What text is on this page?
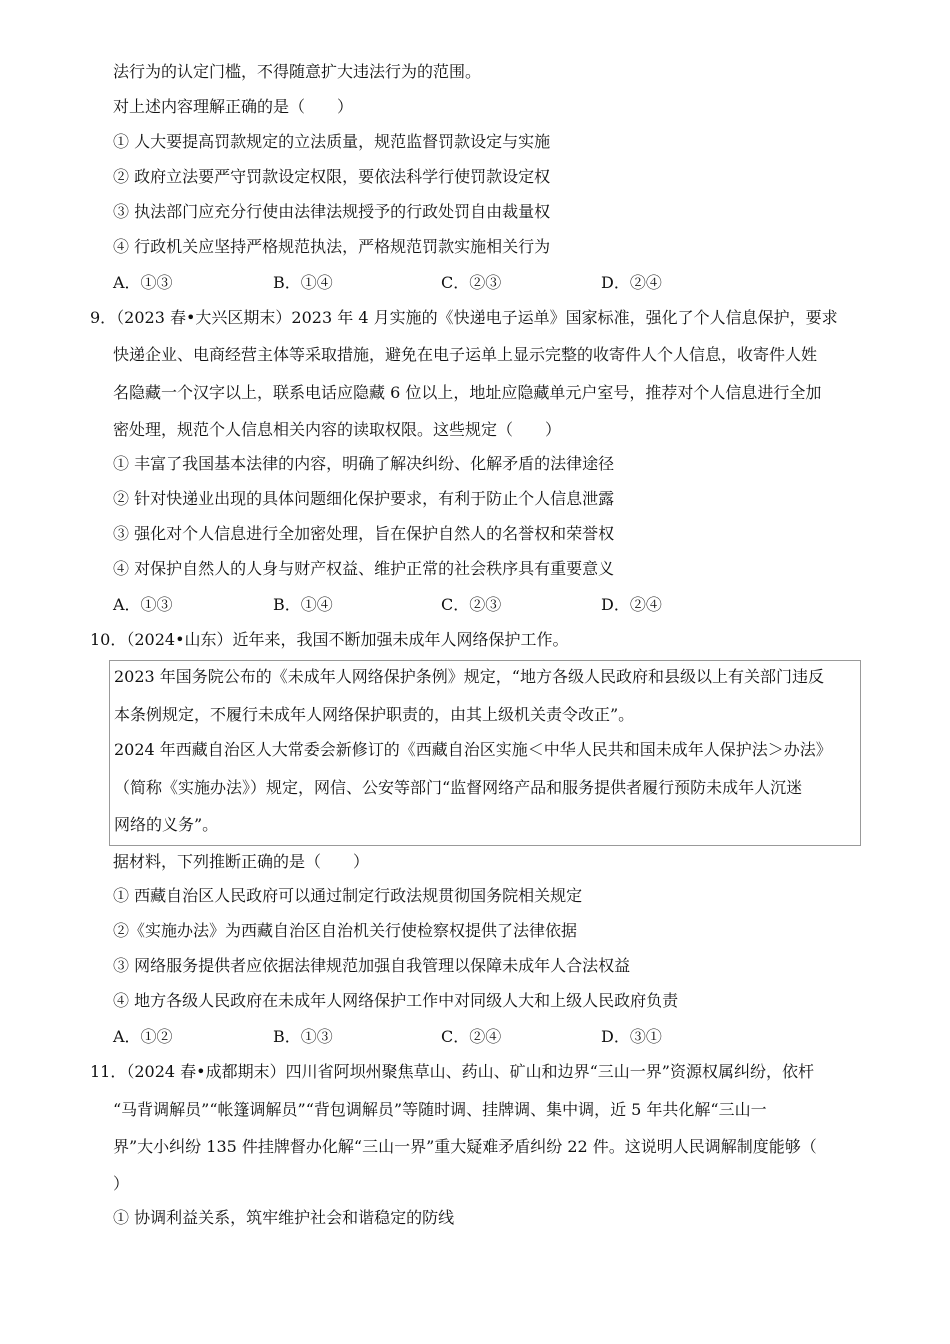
法行为的认定门槛，不得随意扩大违法行为的范围。
对上述内容理解正确的是（　　）
① 人大要提高罚款规定的立法质量，规范监督罚款设定与实施
② 政府立法要严守罚款设定权限，要依法科学行使罚款设定权
③ 执法部门应充分行使由法律法规授予的行政处罚自由裁量权
④ 行政机关应坚持严格规范执法，严格规范罚款实施相关行为
A．①③	B．①④	C．②③	D．②④
9．（2023 春•大兴区期末）2023 年 4 月实施的《快递电子运单》国家标准，强化了个人信息保护，要求
快递企业、电商经营主体等采取措施，避免在电子运单上显示完整的收寄件人个人信息，收寄件人姓
名隐藏一个汉字以上，联系电话应隐藏 6 位以上，地址应隐藏单元户室号，推荐对个人信息进行全加
密处理，规范个人信息相关内容的读取权限。这些规定（　　）
① 丰富了我国基本法律的内容，明确了解决纠纷、化解矛盾的法律途径
② 针对快递业出现的具体问题细化保护要求，有利于防止个人信息泄露
③ 强化对个人信息进行全加密处理，旨在保护自然人的名誉权和荣誉权
④ 对保护自然人的人身与财产权益、维护正常的社会秩序具有重要意义
A．①③	B．①④	C．②③	D．②④
10．（2024•山东）近年来，我国不断加强未成年人网络保护工作。
2023 年国务院公布的《未成年人网络保护条例》规定，“地方各级人民政府和县级以上有关部门违反
本条例规定，不履行未成年人网络保护职责的，由其上级机关责令改正”。
2024 年西藏自治区人大常委会新修订的《西藏自治区实施＜中华人民共和国未成年人保护法＞办法》
（简称《实施办法》）规定，网信、公安等部门“监督网络产品和服务提供者履行预防未成年人沉迷
网络的义务”。
据材料，下列推断正确的是（　　）
① 西藏自治区人民政府可以通过制定行政法规贯彻国务院相关规定
②《实施办法》为西藏自治区自治机关行使检察权提供了法律依据
③ 网络服务提供者应依据法律规范加强自我管理以保障未成年人合法权益
④ 地方各级人民政府在未成年人网络保护工作中对同级人大和上级人民政府负责
A．①②	B．①③	C．②④	D．③①
11．（2024 春•成都期末）四川省阿坝州聚焦草山、药山、矿山和边界“三山一界”资源权属纠纷，依杆
“马背调解员”“帐篷调解员”“背包调解员”等随时调、挂牌调、集中调，近 5 年共化解“三山一
界”大小纠纷 135 件挂牌督办化解“三山一界”重大疑难矛盾纠纷 22 件。这说明人民调解制度能够（
）
① 协调利益关系，筑牢维护社会和谐稳定的防线
